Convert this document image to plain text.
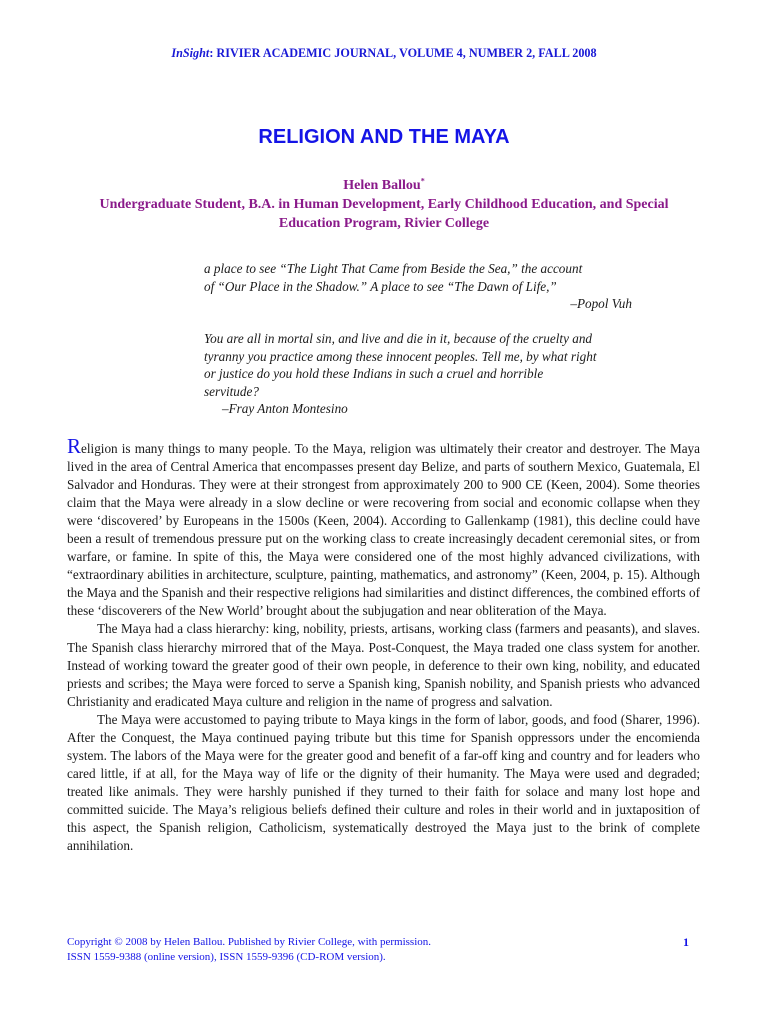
InSight: RIVIER ACADEMIC JOURNAL, VOLUME 4, NUMBER 2, FALL 2008
RELIGION AND THE MAYA
Helen Ballou*
Undergraduate Student, B.A. in Human Development, Early Childhood Education, and Special
Education Program, Rivier College
a place to see “The Light That Came from Beside the Sea,” the account
of “Our Place in the Shadow.” A place to see “The Dawn of Life,”
–Popol Vuh
You are all in mortal sin, and live and die in it, because of the cruelty and
tyranny you practice among these innocent peoples. Tell me, by what right
or justice do you hold these Indians in such a cruel and horrible
servitude?
–Fray Anton Montesino

Religion is many things to many people. To the Maya, religion was ultimately their creator and destroyer. The Maya lived in the area of Central America that encompasses present day Belize, and parts of southern Mexico, Guatemala, El Salvador and Honduras. They were at their strongest from approximately 200 to 900 CE (Keen, 2004). Some theories claim that the Maya were already in a slow decline or were recovering from social and economic collapse when they were ‘discovered’ by Europeans in the 1500s (Keen, 2004). According to Gallenkamp (1981), this decline could have been a result of tremendous pressure put on the working class to create increasingly decadent ceremonial sites, or from warfare, or famine. In spite of this, the Maya were considered one of the most highly advanced civilizations, with “extraordinary abilities in architecture, sculpture, painting, mathematics, and astronomy” (Keen, 2004, p. 15). Although the Maya and the Spanish and their respective religions had similarities and distinct differences, the combined efforts of these ‘discoverers of the New World’ brought about the subjugation and near obliteration of the Maya.

The Maya had a class hierarchy: king, nobility, priests, artisans, working class (farmers and peasants), and slaves. The Spanish class hierarchy mirrored that of the Maya. Post-Conquest, the Maya traded one class system for another. Instead of working toward the greater good of their own people, in deference to their own king, nobility, and educated priests and scribes; the Maya were forced to serve a Spanish king, Spanish nobility, and Spanish priests who advanced Christianity and eradicated Maya culture and religion in the name of progress and salvation.

The Maya were accustomed to paying tribute to Maya kings in the form of labor, goods, and food (Sharer, 1996). After the Conquest, the Maya continued paying tribute but this time for Spanish oppressors under the encomienda system. The labors of the Maya were for the greater good and benefit of a far-off king and country and for leaders who cared little, if at all, for the Maya way of life or the dignity of their humanity. The Maya were used and degraded; treated like animals. They were harshly punished if they turned to their faith for solace and many lost hope and committed suicide. The Maya’s religious beliefs defined their culture and roles in their world and in juxtaposition of this aspect, the Spanish religion, Catholicism, systematically destroyed the Maya just to the brink of complete annihilation.

Copyright © 2008 by Helen Ballou. Published by Rivier College, with permission.
ISSN 1559-9388 (online version), ISSN 1559-9396 (CD-ROM version).
1
